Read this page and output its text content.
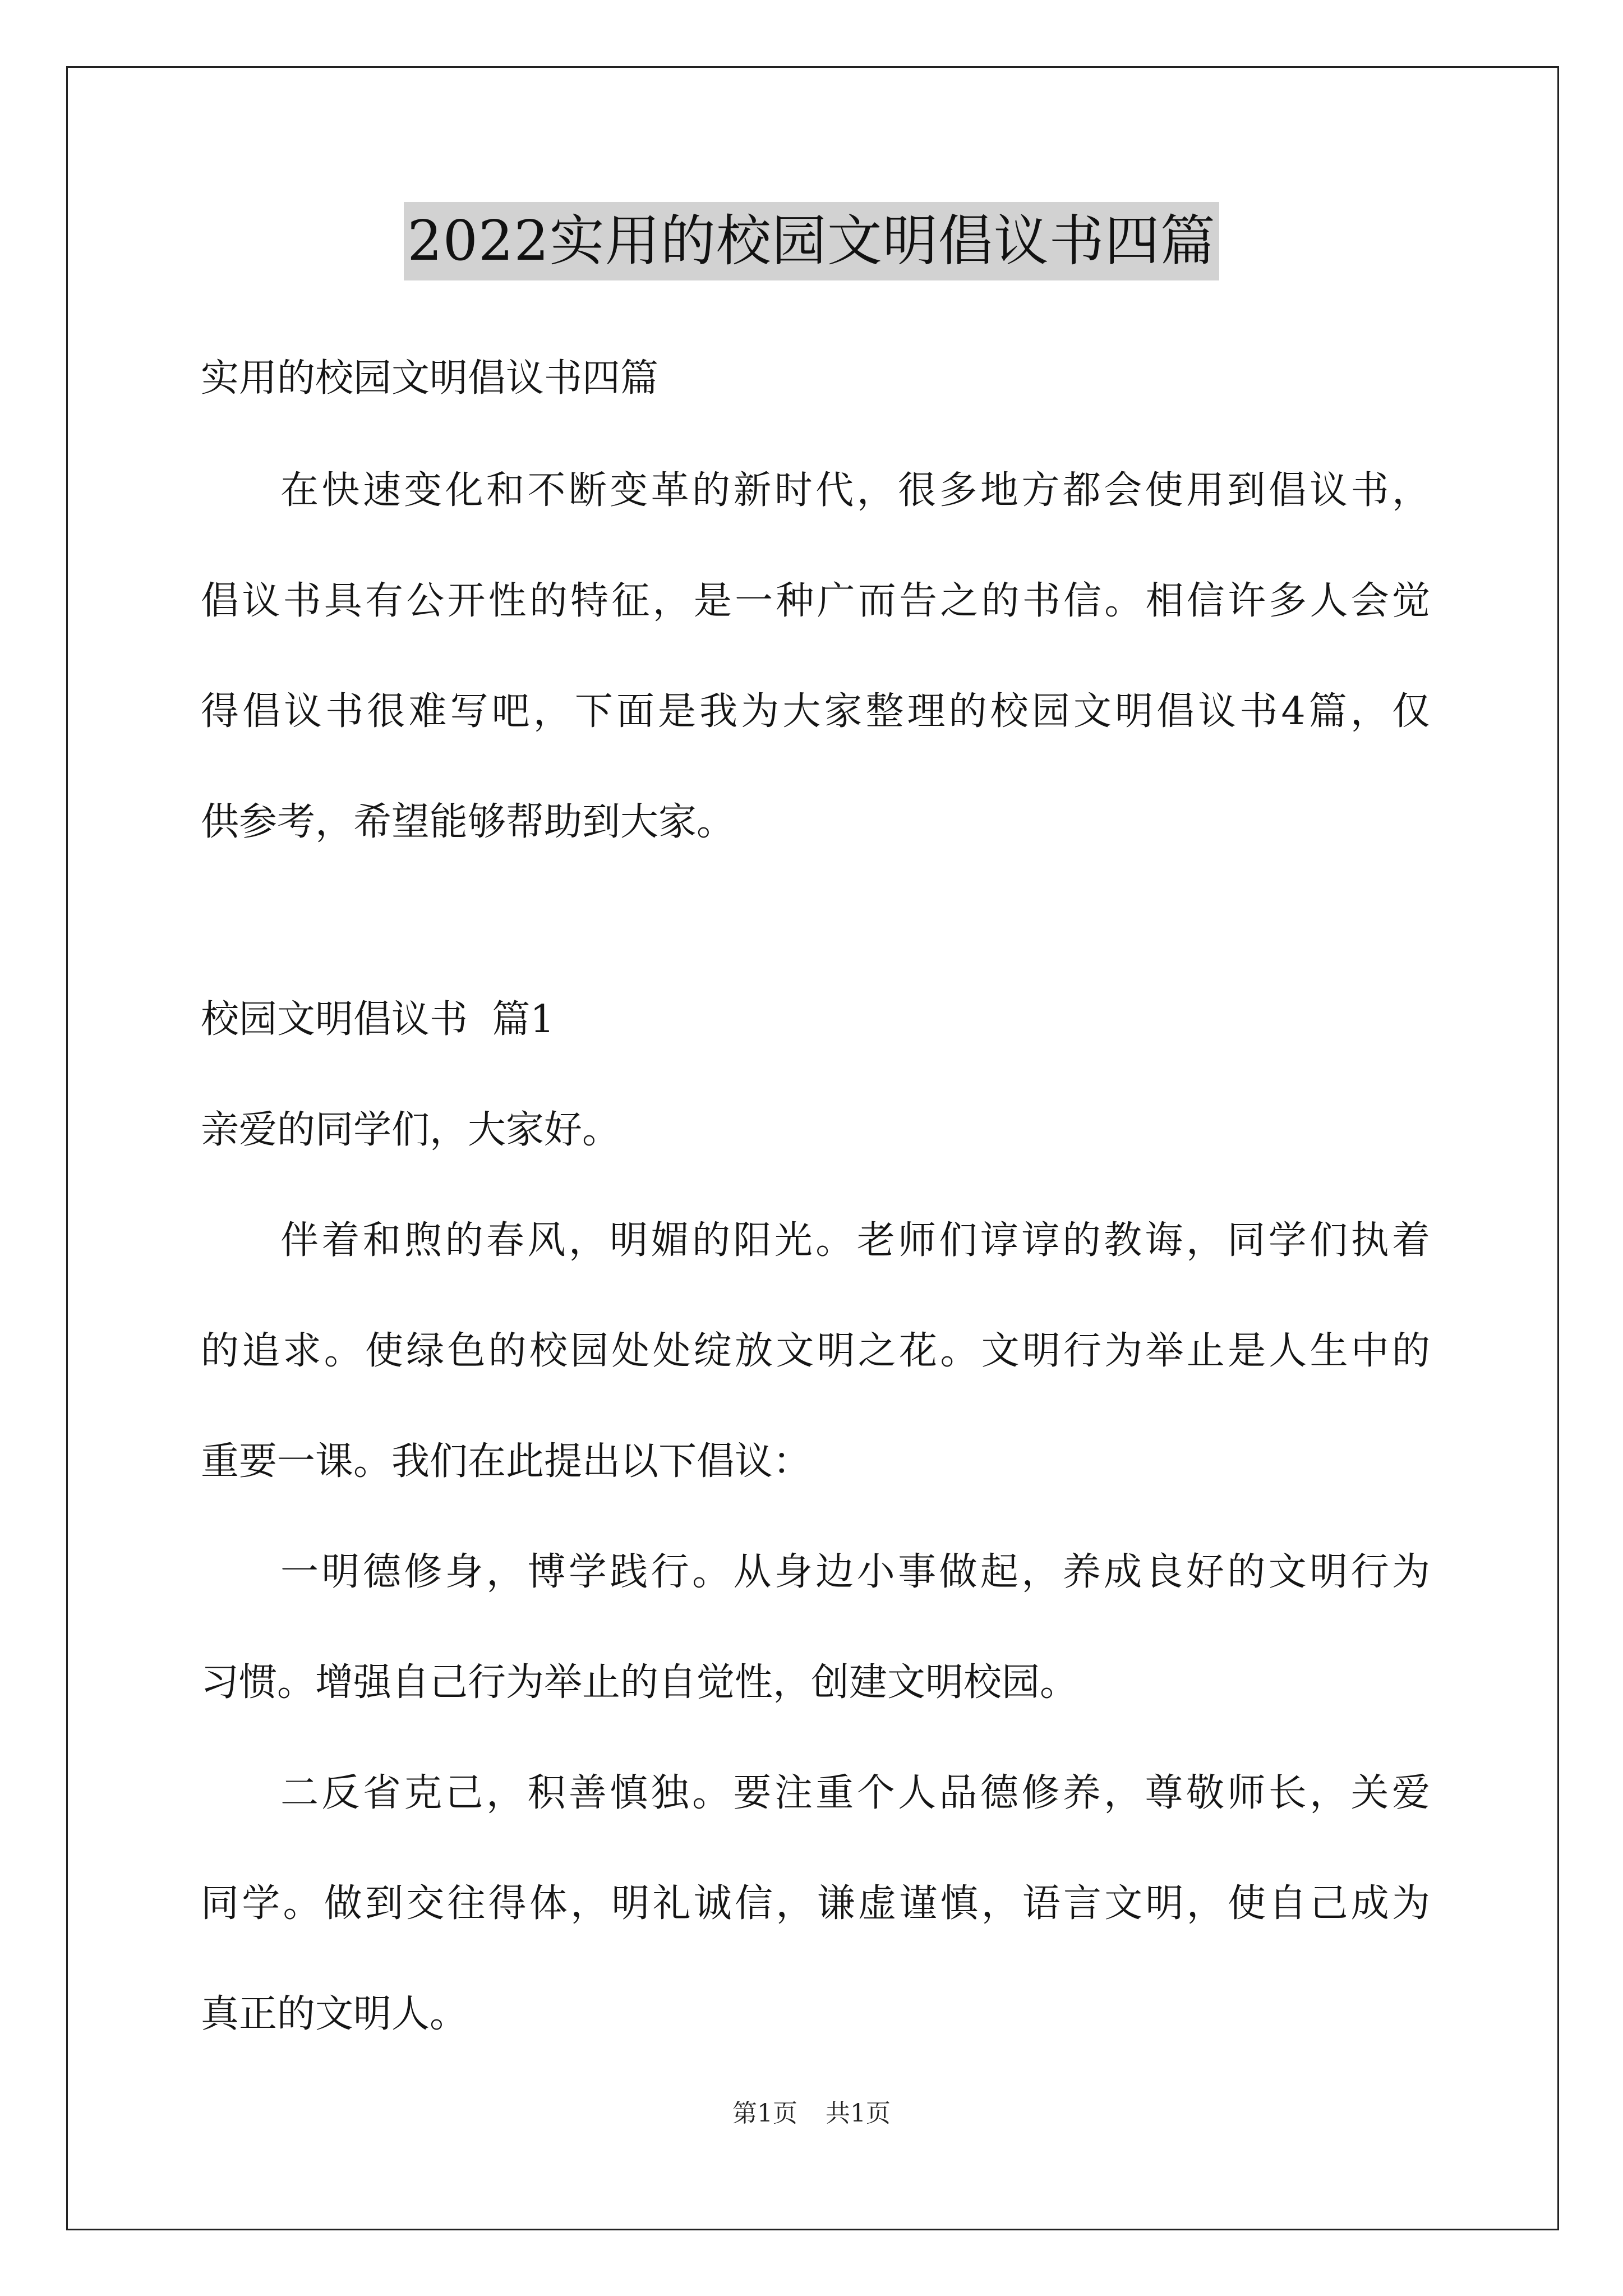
2022实用的校园文明倡议书四篇
实用的校园文明倡议书四篇
在快速变化和不断变革的新时代，很多地方都会使用到倡议书，
倡议书具有公开性的特征，是一种广而告之的书信。相信许多人会觉
得倡议书很难写吧，下面是我为大家整理的校园文明倡议书4篇，仅
供参考，希望能够帮助到大家。
校园文明倡议书  篇1
亲爱的同学们，大家好。
伴着和煦的春风，明媚的阳光。老师们谆谆的教诲，同学们执着
的追求。使绿色的校园处处绽放文明之花。文明行为举止是人生中的
重要一课。我们在此提出以下倡议：
一明德修身，博学践行。从身边小事做起，养成良好的文明行为
习惯。增强自己行为举止的自觉性，创建文明校园。
二反省克己，积善慎独。要注重个人品德修养，尊敬师长，关爱
同学。做到交往得体，明礼诚信，谦虚谨慎，语言文明，使自己成为
真正的文明人。
第1页 共1页
